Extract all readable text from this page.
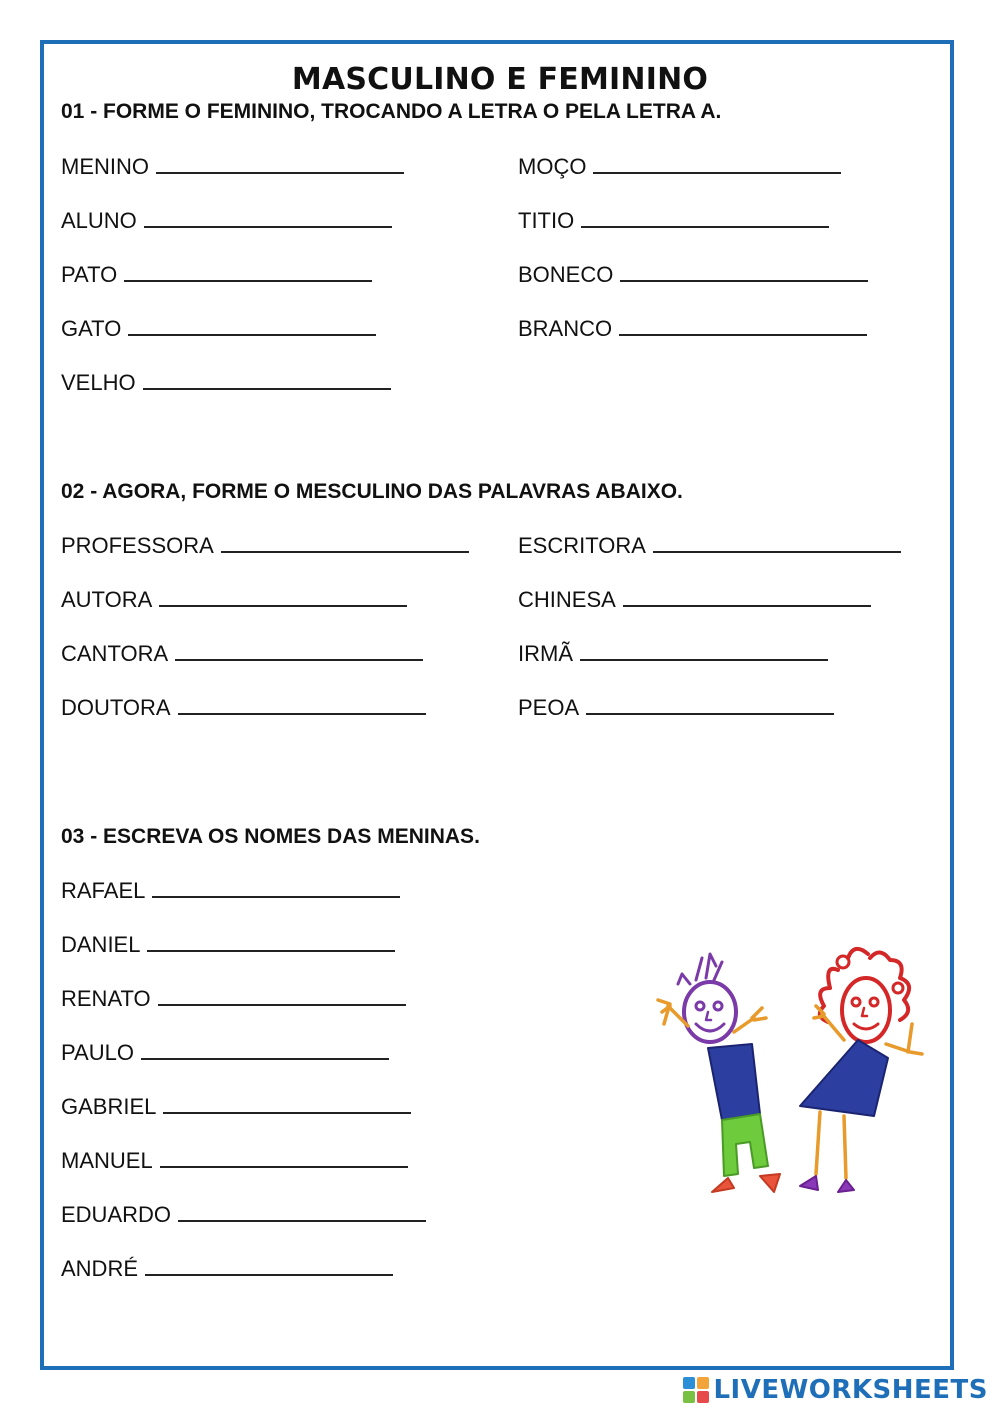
MASCULINO E FEMININO
01 - FORME O FEMININO, TROCANDO A LETRA O PELA LETRA A.
MENINO	MOÇO
ALUNO	TITIO
PATO	BONECO
GATO	BRANCO
VELHO
02 - AGORA, FORME O MESCULINO DAS PALAVRAS ABAIXO.
PROFESSORA	ESCRITORA
AUTORA	CHINESA
CANTORA	IRMÃ
DOUTORA	PEOA
03 - ESCREVA OS NOMES DAS MENINAS.
RAFAEL
DANIEL
RENATO
PAULO
GABRIEL
MANUEL
EDUARDO
ANDRÉ
LIVEWORKSHEETS
